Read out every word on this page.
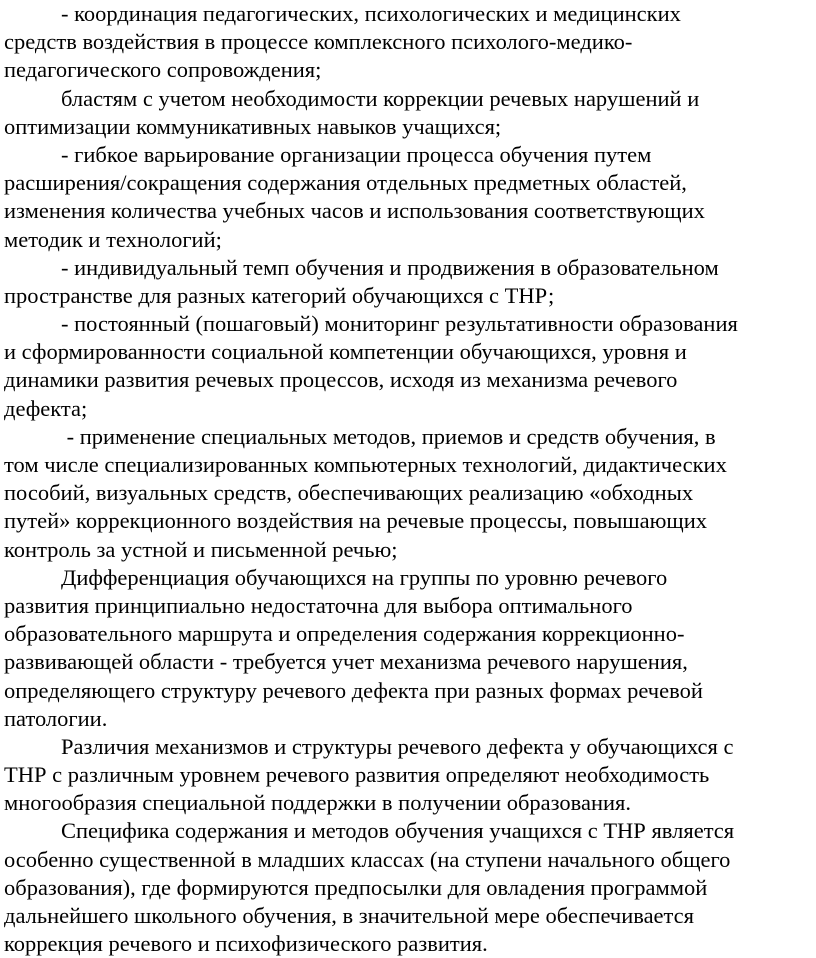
- координация педагогических, психологических и медицинских
средств воздействия в процессе комплексного психолого-медико-
педагогического сопровождения;
бластям с учетом необходимости коррекции речевых нарушений и
оптимизации коммуникативных навыков учащихся;
- гибкое варьирование организации процесса обучения путем
расширения/сокращения содержания отдельных предметных областей,
изменения количества учебных часов и использования соответствующих
методик и технологий;
- индивидуальный темп обучения и продвижения в образовательном
пространстве для разных категорий обучающихся с ТНР;
- постоянный (пошаговый) мониторинг результативности образования
и сформированности социальной компетенции обучающихся, уровня и
динамики развития речевых процессов, исходя из механизма речевого
дефекта;
- применение специальных методов, приемов и средств обучения, в
том числе специализированных компьютерных технологий, дидактических
пособий, визуальных средств, обеспечивающих реализацию «обходных
путей» коррекционного воздействия на речевые процессы, повышающих
контроль за устной и письменной речью;
Дифференциация обучающихся на группы по уровню речевого
развития принципиально недостаточна для выбора оптимального
образовательного маршрута и определения содержания коррекционно-
развивающей области - требуется учет механизма речевого нарушения,
определяющего структуру речевого дефекта при разных формах речевой
патологии.
Различия механизмов и структуры речевого дефекта у обучающихся с
ТНР с различным уровнем речевого развития определяют необходимость
многообразия специальной поддержки в получении образования.
Специфика содержания и методов обучения учащихся с ТНР является
особенно существенной в младших классах (на ступени начального общего
образования), где формируются предпосылки для овладения программой
дальнейшего школьного обучения, в значительной мере обеспечивается
коррекция речевого и психофизического развития.
